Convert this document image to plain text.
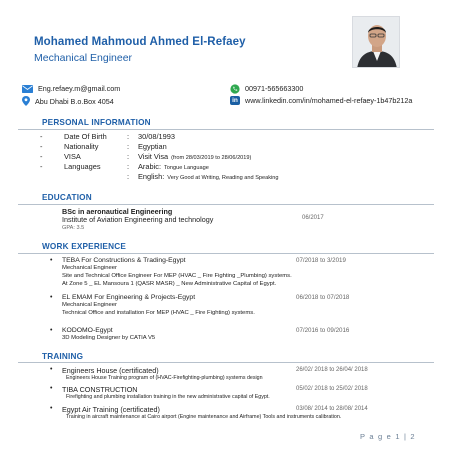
Mohamed Mahmoud Ahmed El-Refaey
Mechanical Engineer
Eng.refaey.m@gmail.com
Abu Dhabi B.o.Box 4054
00971-565663300
in www.linkedin.com/in/mohamed-el-refaey-1b47b212a
PERSONAL INFORMATION
-	Date Of Birth	: 30/08/1993
-	Nationality	: Egyptian
-	VISA	: Visit Visa (from 28/03/2019 to 28/06/2019)
-	Languages	: Arabic: Tongue Language
: English: Very Good at Writing, Reading and Speaking
EDUCATION
BSc in aeronautical Engineering
Institute of Aviation Engineering and technology	06/2017
GPA: 3.5
WORK EXPERIENCE
• TEBA For Constructions & Trading-Egypt	07/2018 to 3/2019
Mechanical Engineer
Site and Technical Office Engineer For MEP (HVAC _ Fire Fighting _Plumbing) systems.
At Zone 5 _ EL Mansoura 1 (QASR MASR) _ New Administrative Capital of Egypt.
• EL EMAM For Engineering & Projects-Egypt	06/2018 to 07/2018
Mechanical Engineer
Technical Office and installation For MEP (HVAC _ Fire Fighting) systems.
• KODOMO-Egypt	07/2016 to 09/2016
3D Modeling Designer by CATIA V5
TRAINING
• Engineers House (certificated)	26/02/ 2018 to 26/04/ 2018
Engineers House Training program of (HVAC-Firefighting-plumbing) systems design
• TIBA CONSTRUCTION	05/02/ 2018 to 25/02/ 2018
Firefighting and plumbing installation training in the new administrative capital of Egypt.
• Egypt Air Training (certificated)	03/08/ 2014 to 28/08/ 2014
Training in aircraft maintenance at Cairo airport (Engine maintenance and Airframe) Tools and instruments calibration.
P a g e 1 | 2
